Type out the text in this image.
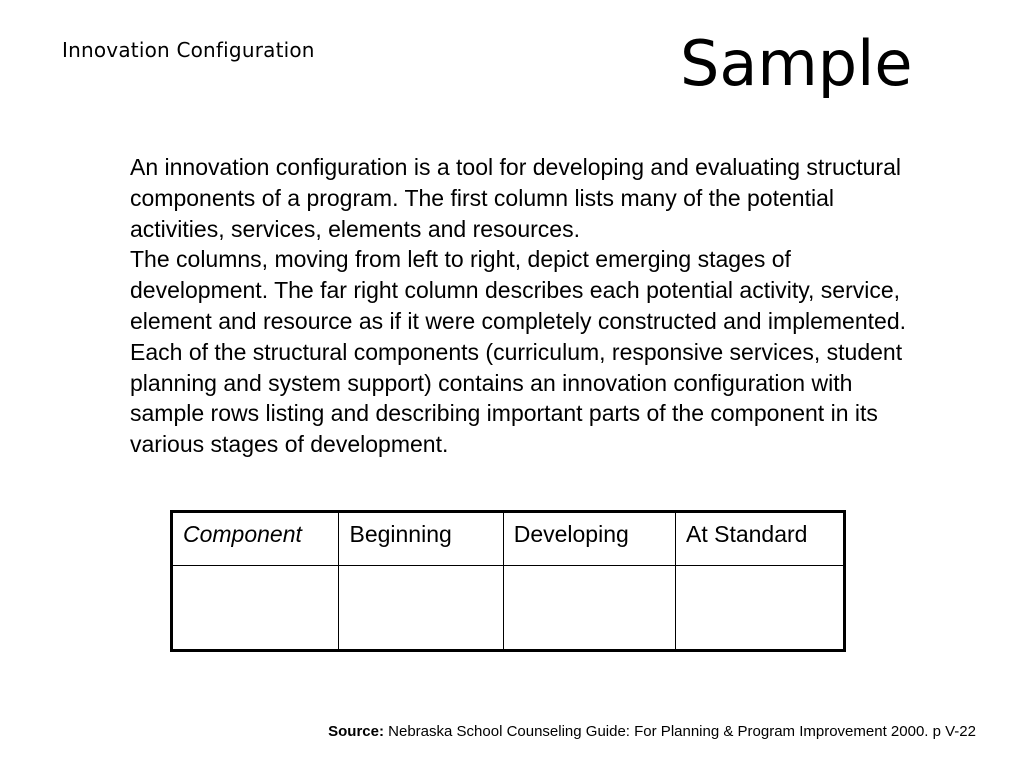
Innovation Configuration	Sample

An innovation configuration is a tool for developing and evaluating structural components of a program. The first column lists many of the potential activities, services, elements and resources.

The columns, moving from left to right, depict emerging stages of development. The far right column describes each potential activity, service, element and resource as if it were completely constructed and implemented. Each of the structural components (curriculum, responsive services, student planning and system support) contains an innovation configuration with sample rows listing and describing important parts of the component in its various stages of development.

Component	Beginning	Developing	At Standard

Source: Nebraska School Counseling Guide: For Planning & Program Improvement 2000. p V-22
